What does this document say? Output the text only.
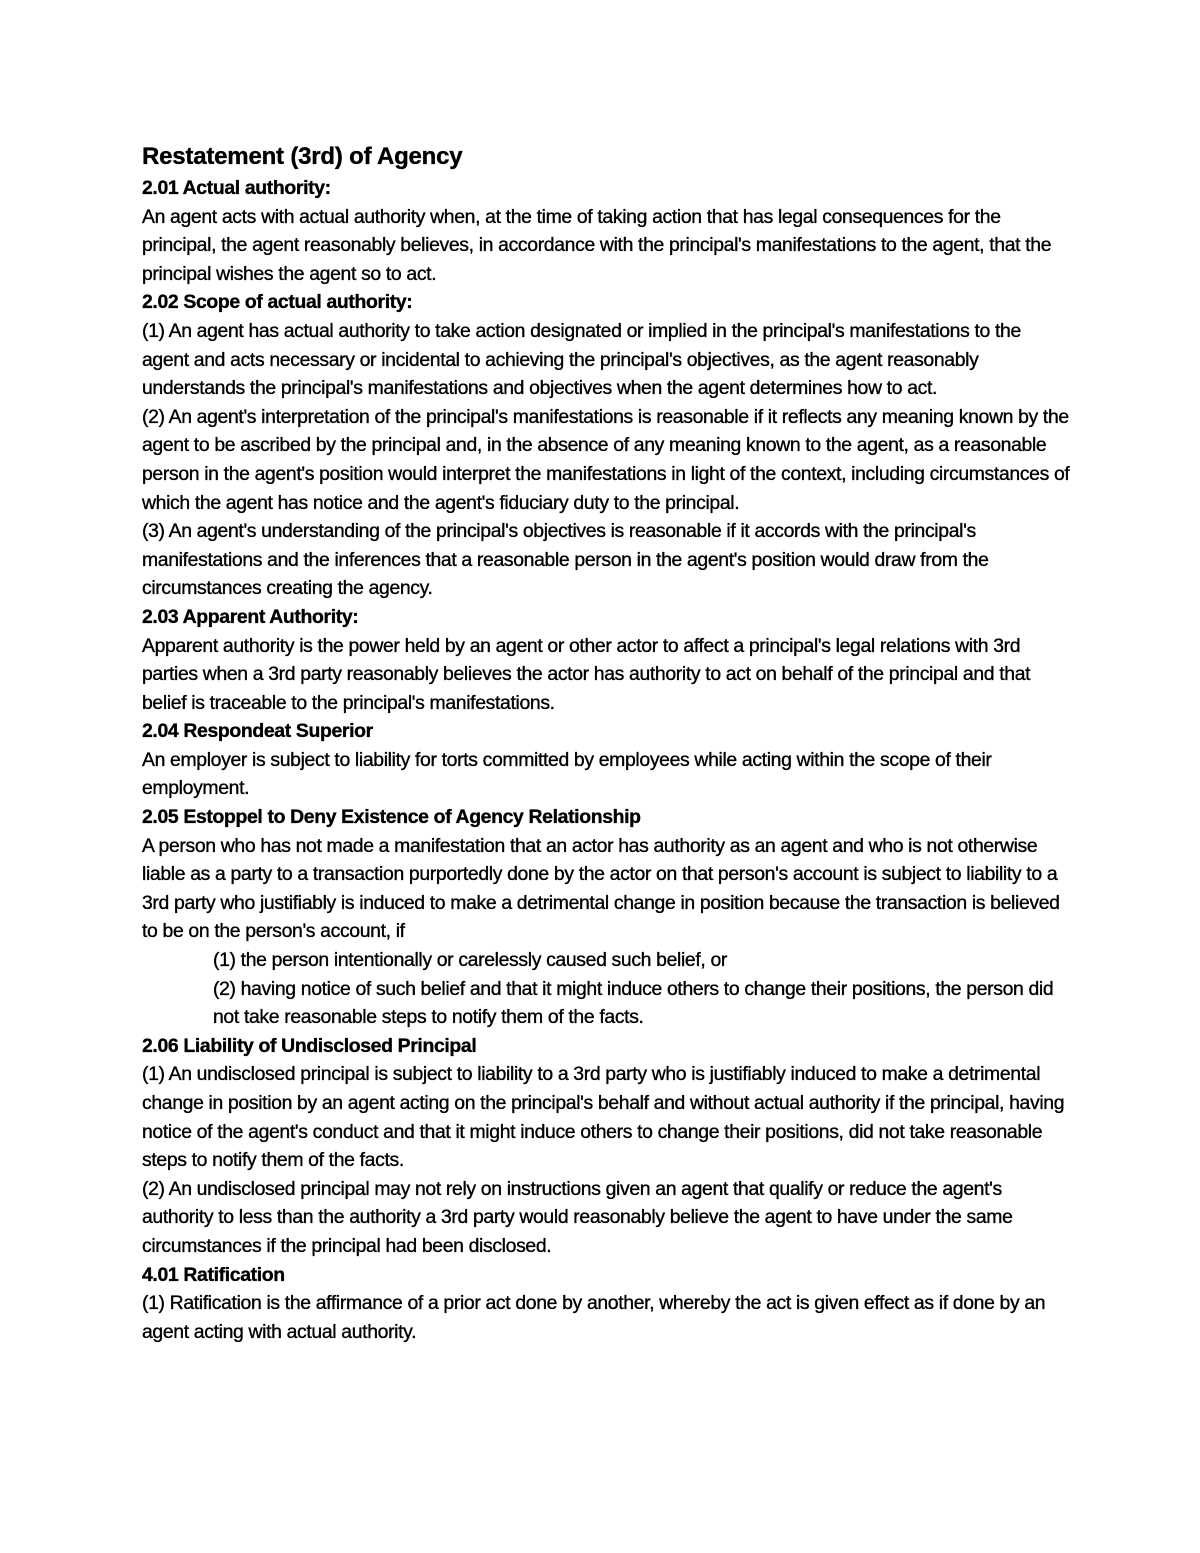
Restatement (3rd) of Agency
2.01 Actual authority:

An agent acts with actual authority when, at the time of taking action that has legal consequences for the principal, the agent reasonably believes, in accordance with the principal's manifestations to the agent, that the principal wishes the agent so to act.

2.02 Scope of actual authority:

(1) An agent has actual authority to take action designated or implied in the principal's manifestations to the agent and acts necessary or incidental to achieving the principal's objectives, as the agent reasonably understands the principal's manifestations and objectives when the agent determines how to act.

(2) An agent's interpretation of the principal's manifestations is reasonable if it reflects any meaning known by the agent to be ascribed by the principal and, in the absence of any meaning known to the agent, as a reasonable person in the agent's position would interpret the manifestations in light of the context, including circumstances of which the agent has notice and the agent's fiduciary duty to the principal.

(3) An agent's understanding of the principal's objectives is reasonable if it accords with the principal's manifestations and the inferences that a reasonable person in the agent's position would draw from the circumstances creating the agency.

2.03 Apparent Authority:

Apparent authority is the power held by an agent or other actor to affect a principal's legal relations with 3rd parties when a 3rd party reasonably believes the actor has authority to act on behalf of the principal and that belief is traceable to the principal's manifestations.

2.04 Respondeat Superior

An employer is subject to liability for torts committed by employees while acting within the scope of their employment.

2.05 Estoppel to Deny Existence of Agency Relationship

A person who has not made a manifestation that an actor has authority as an agent and who is not otherwise liable as a party to a transaction purportedly done by the actor on that person's account is subject to liability to a 3rd party who justifiably is induced to make a detrimental change in position because the transaction is believed to be on the person's account, if

(1) the person intentionally or carelessly caused such belief, or

(2) having notice of such belief and that it might induce others to change their positions, the person did not take reasonable steps to notify them of the facts.

2.06 Liability of Undisclosed Principal

(1) An undisclosed principal is subject to liability to a 3rd party who is justifiably induced to make a detrimental change in position by an agent acting on the principal's behalf and without actual authority if the principal, having notice of the agent's conduct and that it might induce others to change their positions, did not take reasonable steps to notify them of the facts.

(2) An undisclosed principal may not rely on instructions given an agent that qualify or reduce the agent's authority to less than the authority a 3rd party would reasonably believe the agent to have under the same circumstances if the principal had been disclosed.

4.01 Ratification

(1) Ratification is the affirmance of a prior act done by another, whereby the act is given effect as if done by an agent acting with actual authority.
